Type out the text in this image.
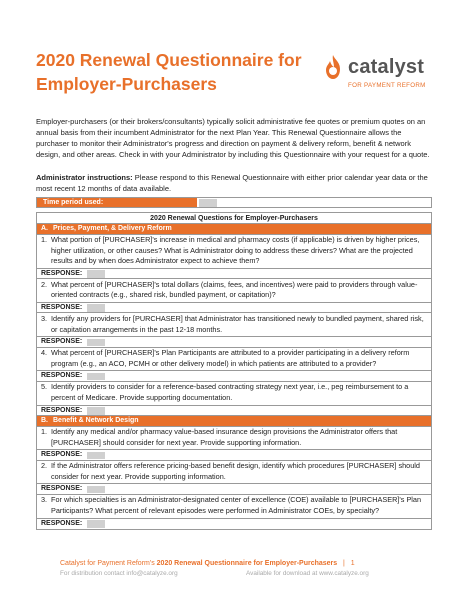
2020 Renewal Questionnaire for
Employer-Purchasers
catalyst
FOR PAYMENT REFORM

Employer-purchasers (or their brokers/consultants) typically solicit administrative fee quotes or premium quotes on an annual basis from their incumbent Administrator for the next Plan Year. This Renewal Questionnaire allows the purchaser to monitor their Administrator's progress and direction on payment & delivery reform, benefit & network design, and other areas. Check in with your Administrator by including this Questionnaire with your request for a quote.

Administrator instructions: Please respond to this Renewal Questionnaire with either prior calendar year data or the most recent 12 months of data available.

Time period used:
2020 Renewal Questions for Employer-Purchasers
A. Prices, Payment, & Delivery Reform
1. What portion of [PURCHASER]'s increase in medical and pharmacy costs (if applicable) is driven by higher prices, higher utilization, or other causes? What is Administrator doing to address these drivers? What are the projected results and by when does Administrator expect to achieve them?
RESPONSE:
2. What percent of [PURCHASER]'s total dollars (claims, fees, and incentives) were paid to providers through value-oriented contracts (e.g., shared risk, bundled payment, or capitation)?
RESPONSE:
3. Identify any providers for [PURCHASER] that Administrator has transitioned newly to bundled payment, shared risk, or capitation arrangements in the past 12-18 months.
RESPONSE:
4. What percent of [PURCHASER]'s Plan Participants are attributed to a provider participating in a delivery reform program (e.g., an ACO, PCMH or other delivery model) in which patients are attributed to a provider?
RESPONSE:
5. Identify providers to consider for a reference-based contracting strategy next year, i.e., peg reimbursement to a percent of Medicare. Provide supporting documentation.
RESPONSE:
B. Benefit & Network Design
1. Identify any medical and/or pharmacy value-based insurance design provisions the Administrator offers that [PURCHASER] should consider for next year. Provide supporting information.
RESPONSE:
2. If the Administrator offers reference pricing-based benefit design, identify which procedures [PURCHASER] should consider for next year. Provide supporting information.
RESPONSE:
3. For which specialties is an Administrator-designated center of excellence (COE) available to [PURCHASER]'s Plan Participants? What percent of relevant episodes were performed in Administrator COEs, by specialty?
RESPONSE:
Catalyst for Payment Reform's 2020 Renewal Questionnaire for Employer-Purchasers | 1
For distribution contact info@catalyze.org	Available for download at www.catalyze.org
